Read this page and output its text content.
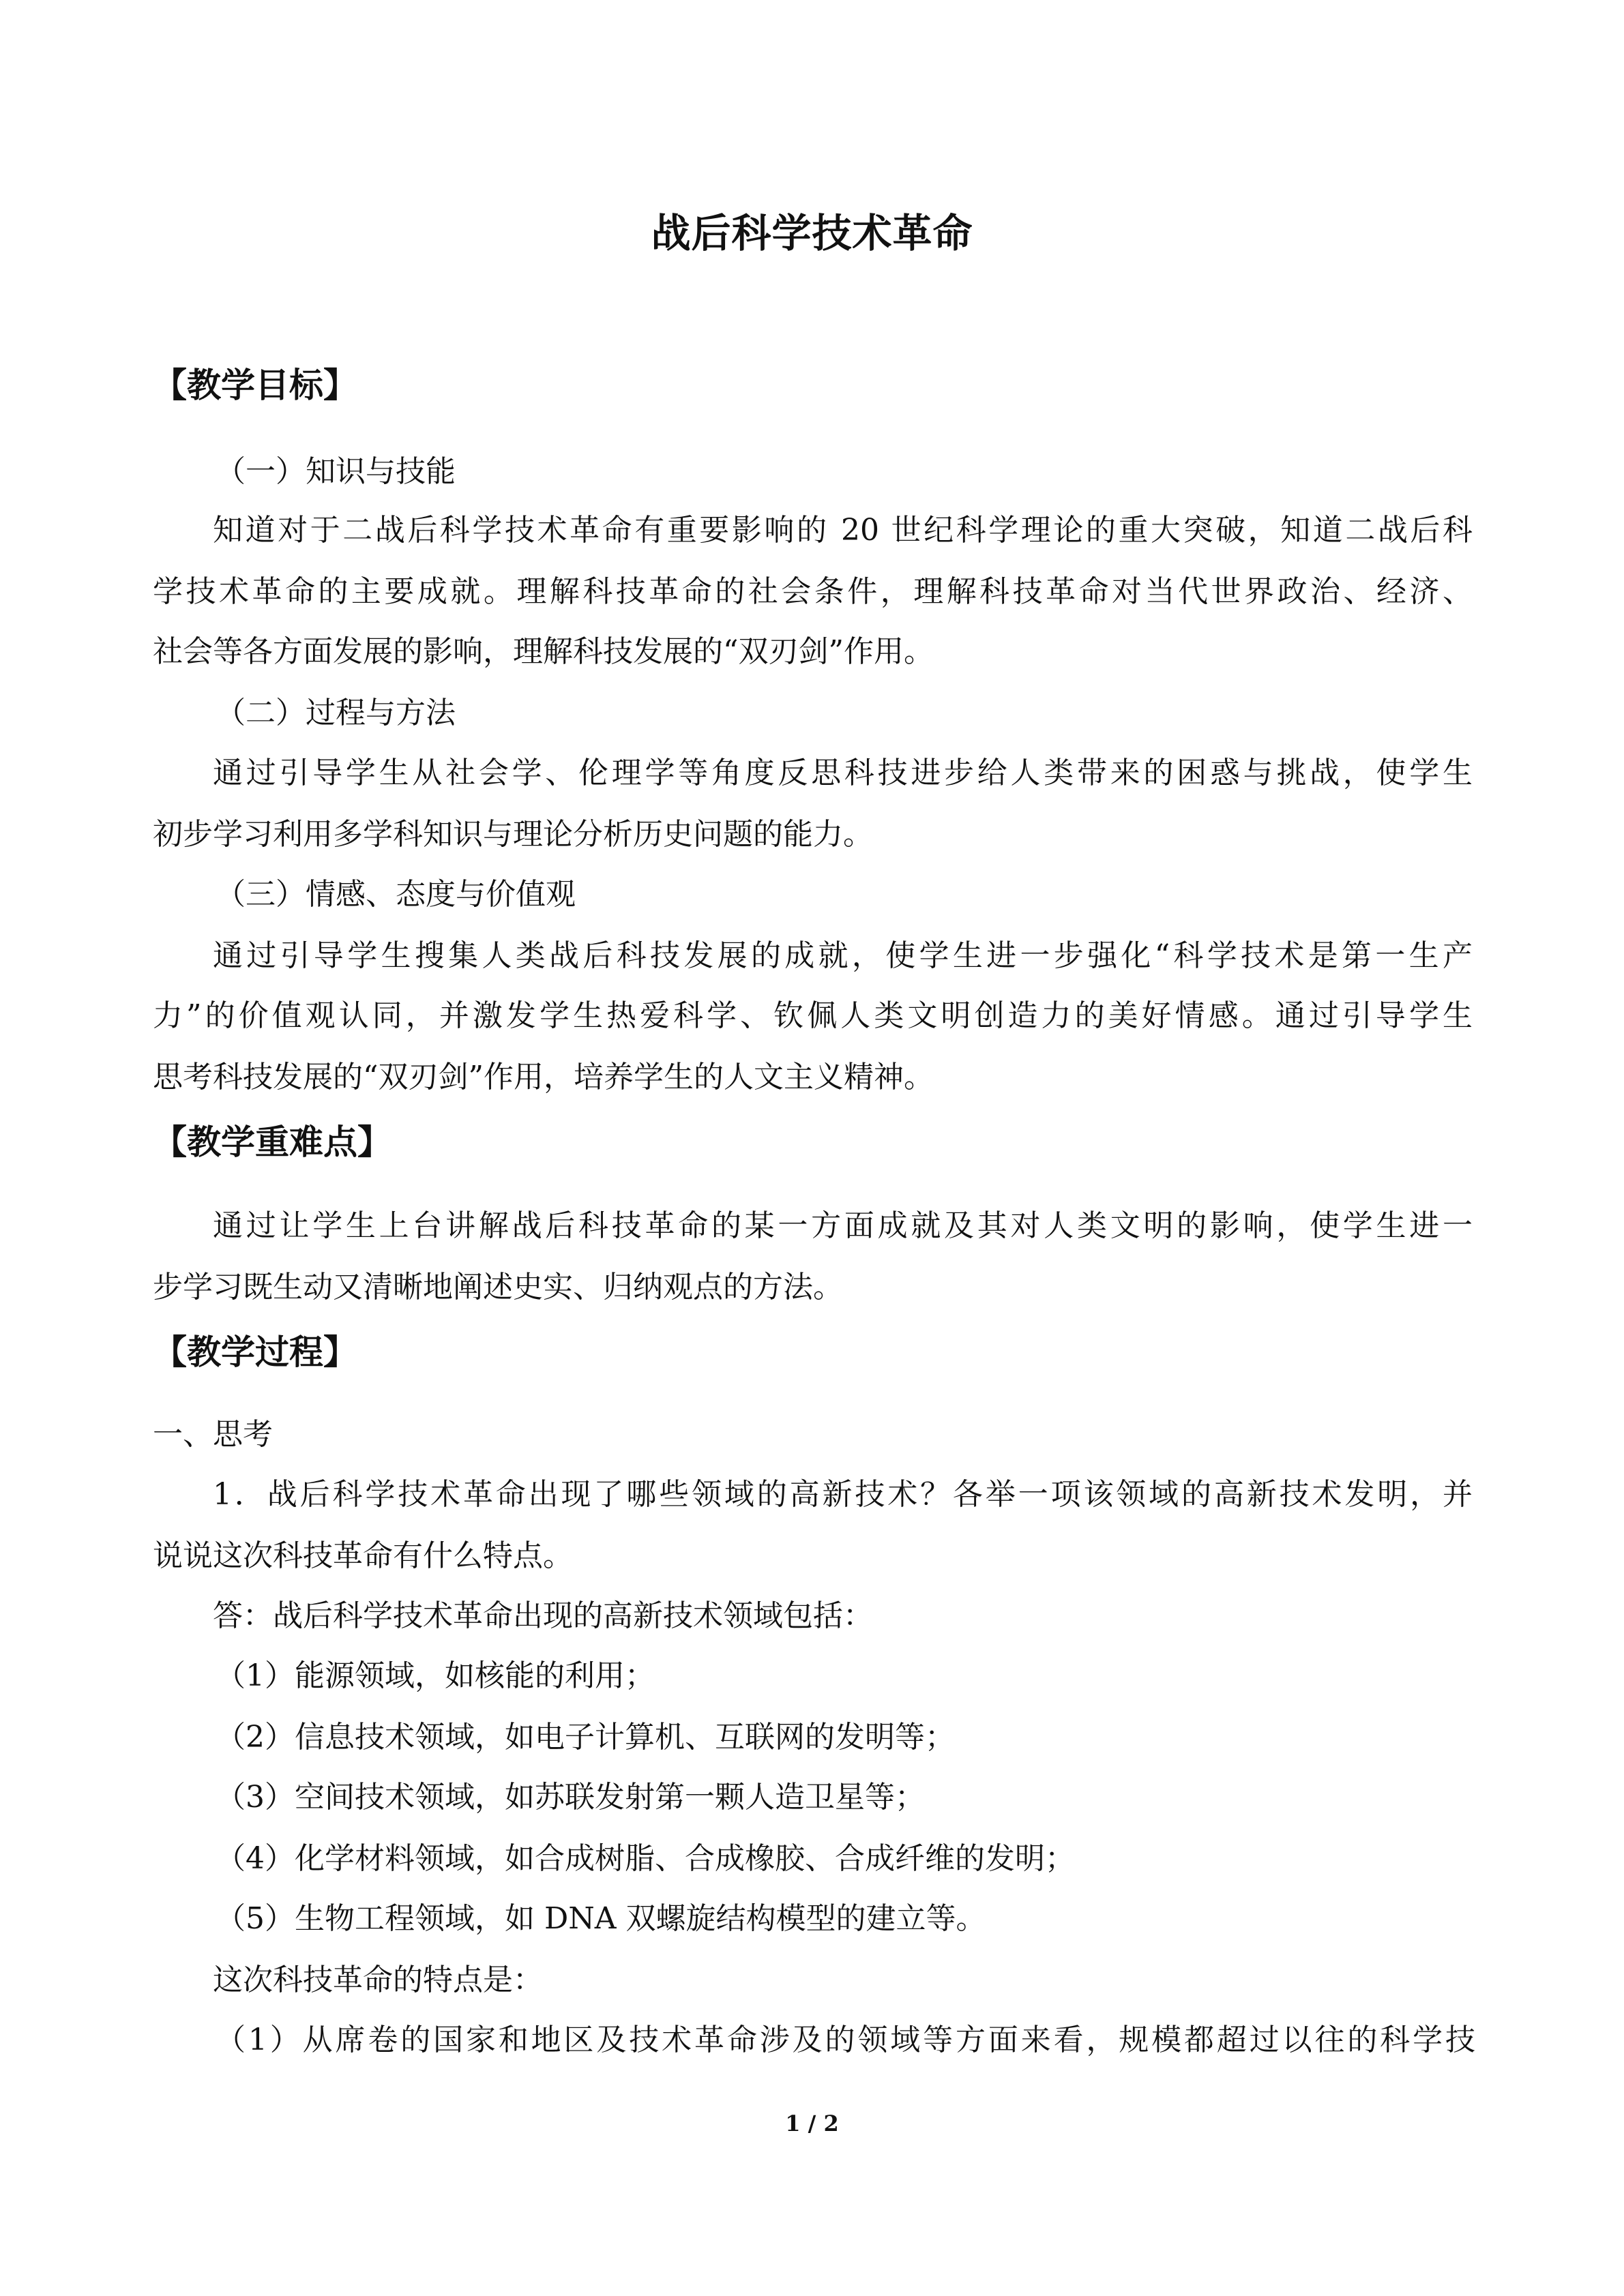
战后科学技术革命
【教学目标】
（一）知识与技能
知道对于二战后科学技术革命有重要影响的 20 世纪科学理论的重大突破，知道二战后科
学技术革命的主要成就。理解科技革命的社会条件，理解科技革命对当代世界政治、经济、
社会等各方面发展的影响，理解科技发展的“双刃剑”作用。
（二）过程与方法
通过引导学生从社会学、伦理学等角度反思科技进步给人类带来的困惑与挑战，使学生
初步学习利用多学科知识与理论分析历史问题的能力。
（三）情感、态度与价值观
通过引导学生搜集人类战后科技发展的成就，使学生进一步强化“科学技术是第一生产
力”的价值观认同，并激发学生热爱科学、钦佩人类文明创造力的美好情感。通过引导学生
思考科技发展的“双刃剑”作用，培养学生的人文主义精神。
【教学重难点】
通过让学生上台讲解战后科技革命的某一方面成就及其对人类文明的影响，使学生进一
步学习既生动又清晰地阐述史实、归纳观点的方法。
【教学过程】
一、思考
1．战后科学技术革命出现了哪些领域的高新技术？各举一项该领域的高新技术发明，并
说说这次科技革命有什么特点。
答：战后科学技术革命出现的高新技术领域包括：
（1）能源领域，如核能的利用；
（2）信息技术领域，如电子计算机、互联网的发明等；
（3）空间技术领域，如苏联发射第一颗人造卫星等；
（4）化学材料领域，如合成树脂、合成橡胶、合成纤维的发明；
（5）生物工程领域，如 DNA 双螺旋结构模型的建立等。
这次科技革命的特点是：
（1）从席卷的国家和地区及技术革命涉及的领域等方面来看，规模都超过以往的科学技
1 / 2
